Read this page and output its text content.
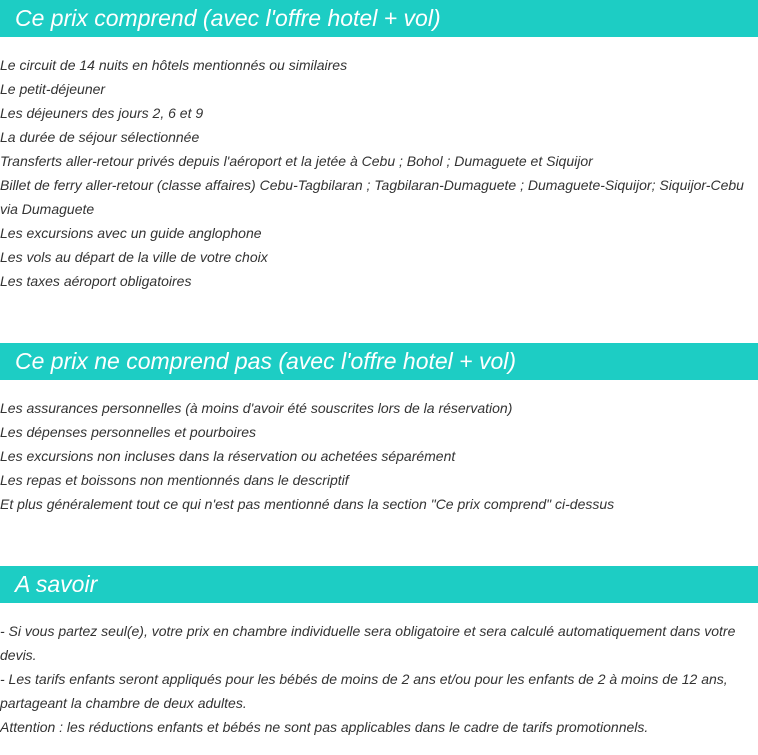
Ce prix comprend (avec l'offre hotel + vol)
Le circuit de 14 nuits en hôtels mentionnés ou similaires
Le petit-déjeuner
Les déjeuners des jours 2, 6 et 9
La durée de séjour sélectionnée
Transferts aller-retour privés depuis l'aéroport et la jetée à Cebu ; Bohol ; Dumaguete et Siquijor
Billet de ferry aller-retour (classe affaires) Cebu-Tagbilaran ; Tagbilaran-Dumaguete ; Dumaguete-Siquijor; Siquijor-Cebu via Dumaguete
Les excursions avec un guide anglophone
Les vols au départ de la ville de votre choix
Les taxes aéroport obligatoires
Ce prix ne comprend pas (avec l'offre hotel + vol)
Les assurances personnelles (à moins d'avoir été souscrites lors de la réservation)
Les dépenses personnelles et pourboires
Les excursions non incluses dans la réservation ou achetées séparément
Les repas et boissons non mentionnés dans le descriptif
Et plus généralement tout ce qui n'est pas mentionné dans la section "Ce prix comprend" ci-dessus
A savoir
- Si vous partez seul(e), votre prix en chambre individuelle sera obligatoire et sera calculé automatiquement dans votre devis.
- Les tarifs enfants seront appliqués pour les bébés de moins de 2 ans et/ou pour les enfants de 2 à moins de 12 ans, partageant la chambre de deux adultes.
Attention : les réductions enfants et bébés ne sont pas applicables dans le cadre de tarifs promotionnels.
